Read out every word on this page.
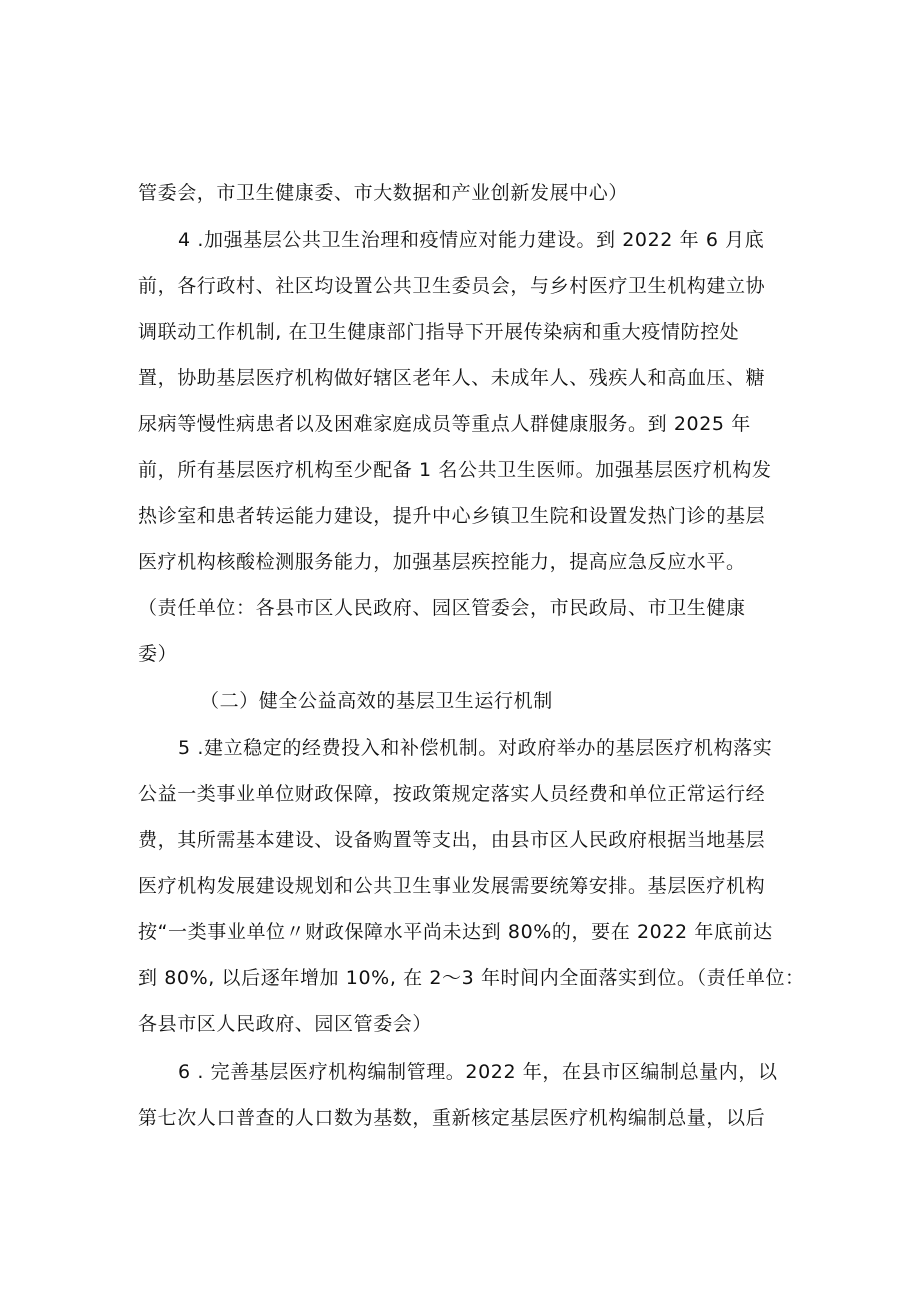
管委会，市卫生健康委、市大数据和产业创新发展中心）
4 .加强基层公共卫生治理和疫情应对能力建设。到 2022 年 6 月底
前，各行政村、社区均设置公共卫生委员会，与乡村医疗卫生机构建立协
调联动工作机制, 在卫生健康部门指导下开展传染病和重大疫情防控处
置，协助基层医疗机构做好辖区老年人、未成年人、残疾人和高血压、糖
尿病等慢性病患者以及困难家庭成员等重点人群健康服务。到 2025 年
前，所有基层医疗机构至少配备 1 名公共卫生医师。加强基层医疗机构发
热诊室和患者转运能力建设，提升中心乡镇卫生院和设置发热门诊的基层
医疗机构核酸检测服务能力，加强基层疾控能力，提高应急反应水平。
（责任单位：各县市区人民政府、园区管委会，市民政局、市卫生健康
委）
（二）健全公益高效的基层卫生运行机制
5 .建立稳定的经费投入和补偿机制。对政府举办的基层医疗机构落实
公益一类事业单位财政保障，按政策规定落实人员经费和单位正常运行经
费，其所需基本建设、设备购置等支出，由县市区人民政府根据当地基层
医疗机构发展建设规划和公共卫生事业发展需要统筹安排。基层医疗机构
按“一类事业单位〃财政保障水平尚未达到 80%的，要在 2022 年底前达
到 80%, 以后逐年增加 10%, 在 2～3 年时间内全面落实到位。（责任单位：
各县市区人民政府、园区管委会）
6 . 完善基层医疗机构编制管理。2022 年，在县市区编制总量内，以
第七次人口普查的人口数为基数，重新核定基层医疗机构编制总量，以后
